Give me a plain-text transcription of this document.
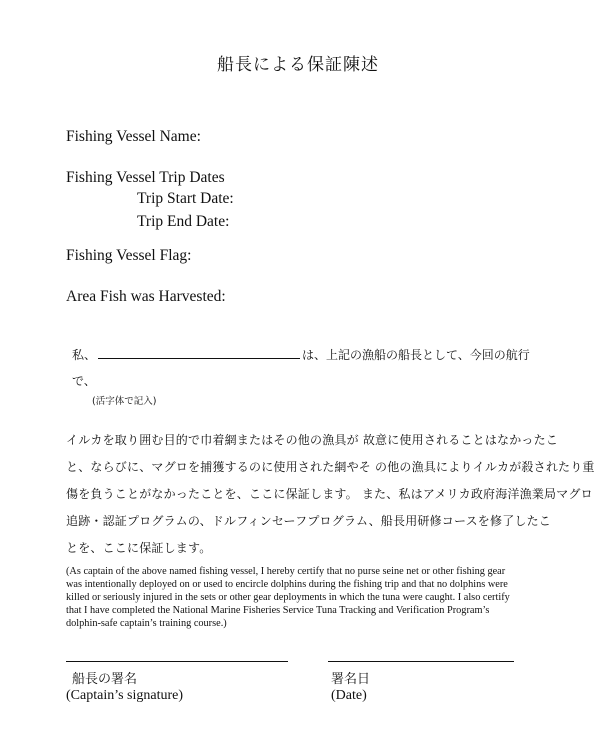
船長による保証陳述
Fishing Vessel Name:
Fishing Vessel Trip Dates
Trip Start Date:
Trip End Date:
Fishing Vessel Flag:
Area Fish was Harvested:
私、	は、上記の漁船の船長として、今回の航行
で、
(活字体で記入)
イルカを取り囲む目的で巾着網またはその他の漁具が 故意に使用されることはなかったこ
と、ならびに、マグロを捕獲するのに使用された網やそ の他の漁具によりイルカが殺されたり重
傷を負うことがなかったことを、ここに保証します。 また、私はアメリカ政府海洋漁業局マグロ
追跡・認証プログラムの、ドルフィンセーフプログラム、船長用研修コースを修了したこ
とを、ここに保証します。
(As captain of the above named fishing vessel, I hereby certify that no purse seine net or other fishing gear
was intentionally deployed on or used to encircle dolphins during the fishing trip and that no dolphins were
killed or seriously injured in the sets or other gear deployments in which the tuna were caught. I also certify
that I have completed the National Marine Fisheries Service Tuna Tracking and Verification Program’s
dolphin-safe captain’s training course.)
船長の署名
(Captain’s signature)
署名日
(Date)
